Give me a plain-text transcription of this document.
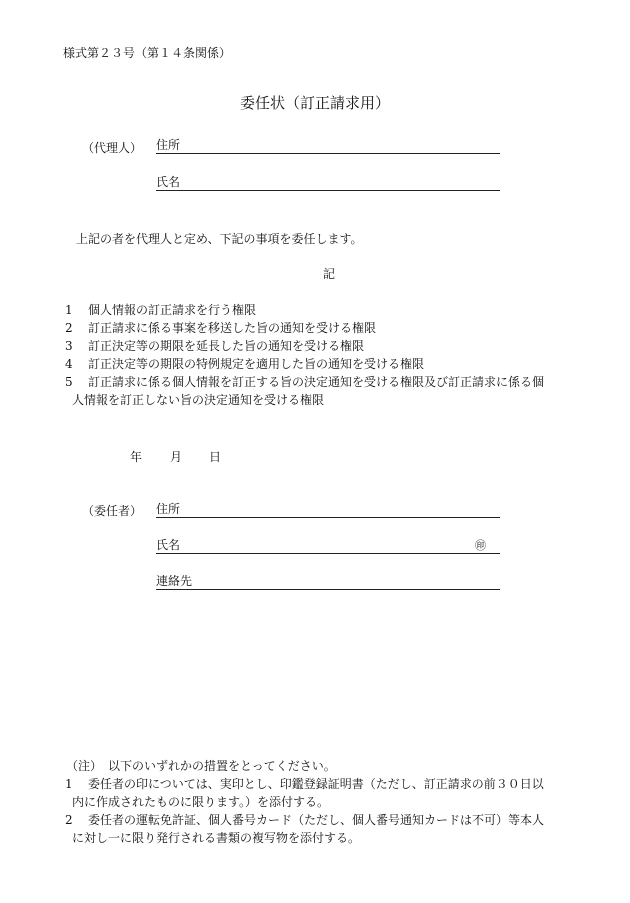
様式第２３号（第１４条関係）
委任状（訂正請求用）
（代理人） 住所
氏名
上記の者を代理人と定め、下記の事項を委任します。
記
1 個人情報の訂正請求を行う権限
2 訂正請求に係る事案を移送した旨の通知を受ける権限
3 訂正決定等の期限を延長した旨の通知を受ける権限
4 訂正決定等の期限の特例規定を適用した旨の通知を受ける権限
5 訂正請求に係る個人情報を訂正する旨の決定通知を受ける権限及び訂正請求に係る個
人情報を訂正しない旨の決定通知を受ける権限
年 月 日
（委任者） 住所
氏名	㊞
連絡先
（注）　以下のいずれかの措置をとってください。
1 委任者の印については、実印とし、印鑑登録証明書（ただし、訂正請求の前３０日以
内に作成されたものに限ります。）を添付する。
2 委任者の運転免許証、個人番号カード（ただし、個人番号通知カードは不可）等本人
に対し一に限り発行される書類の複写物を添付する。
